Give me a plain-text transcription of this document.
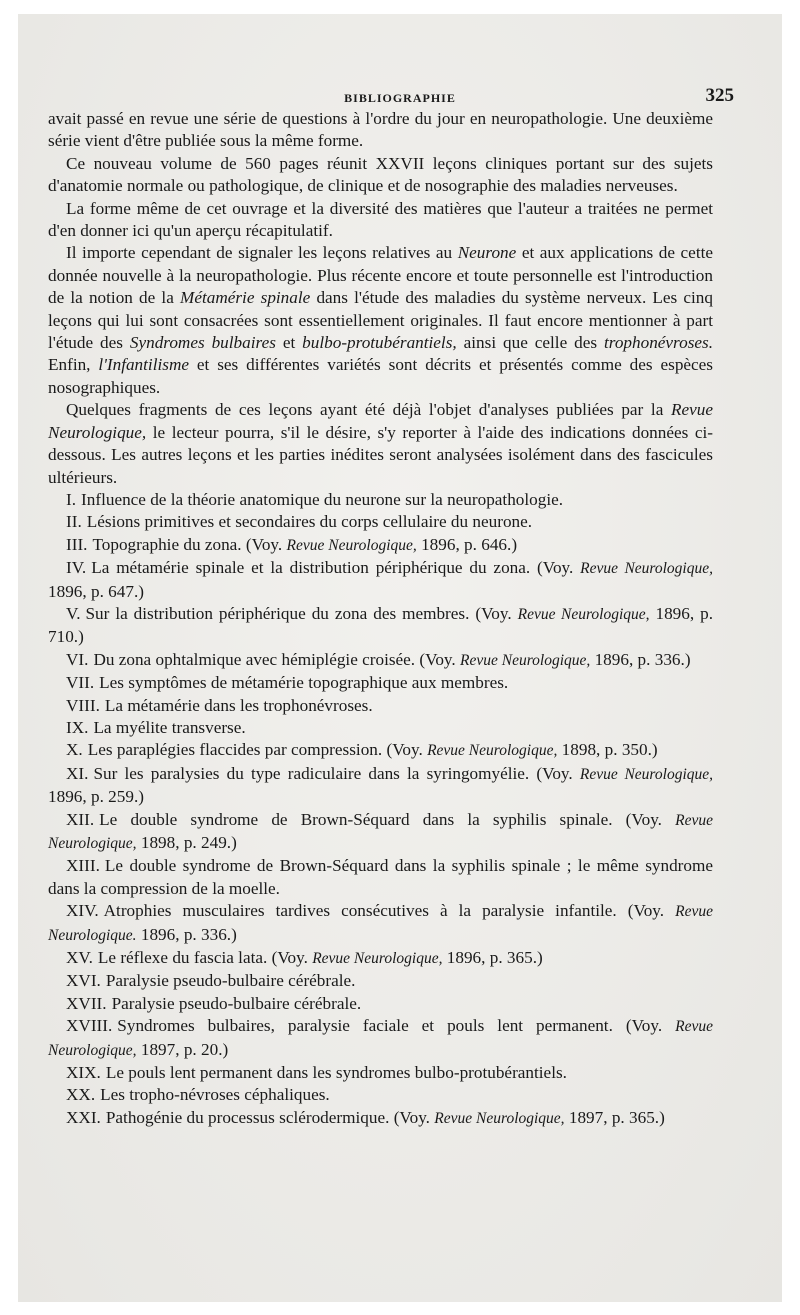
BIBLIOGRAPHIE	325

avait passé en revue une série de questions à l'ordre du jour en neuropathologie. Une deuxième série vient d'être publiée sous la même forme.

Ce nouveau volume de 560 pages réunit XXVII leçons cliniques portant sur des sujets d'anatomie normale ou pathologique, de clinique et de nosographie des maladies nerveuses.

La forme même de cet ouvrage et la diversité des matières que l'auteur a traitées ne permet d'en donner ici qu'un aperçu récapitulatif.

Il importe cependant de signaler les leçons relatives au Neurone et aux applications de cette donnée nouvelle à la neuropathologie. Plus récente encore et toute personnelle est l'introduction de la notion de la Métamérie spinale dans l'étude des maladies du système nerveux. Les cinq leçons qui lui sont consacrées sont essentiellement originales. Il faut encore mentionner à part l'étude des Syndromes bulbaires et bulbo-protubérantiels, ainsi que celle des trophonévroses. Enfin, l'Infantilisme et ses différentes variétés sont décrits et présentés comme des espèces nosographiques.

Quelques fragments de ces leçons ayant été déjà l'objet d'analyses publiées par la Revue Neurologique, le lecteur pourra, s'il le désire, s'y reporter à l'aide des indications données ci-dessous. Les autres leçons et les parties inédites seront analysées isolément dans des fascicules ultérieurs.

I. Influence de la théorie anatomique du neurone sur la neuropathologie.
II. Lésions primitives et secondaires du corps cellulaire du neurone.
III. Topographie du zona. (Voy. Revue Neurologique, 1896, p. 646.)
IV. La métamérie spinale et la distribution périphérique du zona. (Voy. Revue Neurologique, 1896, p. 647.)
V. Sur la distribution périphérique du zona des membres. (Voy. Revue Neurologique, 1896, p. 710.)
VI. Du zona ophtalmique avec hémiplégie croisée. (Voy. Revue Neurologique, 1896, p. 336.)
VII. Les symptômes de métamérie topographique aux membres.
VIII. La métamérie dans les trophonévroses.
IX. La myélite transverse.
X. Les paraplégies flaccides par compression. (Voy. Revue Neurologique, 1898, p. 350.)
XI. Sur les paralysies du type radiculaire dans la syringomyélie. (Voy. Revue Neurologique, 1896, p. 259.)
XII. Le double syndrome de Brown-Séquard dans la syphilis spinale. (Voy. Revue Neurologique, 1898, p. 249.)
XIII. Le double syndrome de Brown-Séquard dans la syphilis spinale ; le même syndrome dans la compression de la moelle.
XIV. Atrophies musculaires tardives consécutives à la paralysie infantile. (Voy. Revue Neurologique. 1896, p. 336.)
XV. Le réflexe du fascia lata. (Voy. Revue Neurologique, 1896, p. 365.)
XVI. Paralysie pseudo-bulbaire cérébrale.
XVII. Paralysie pseudo-bulbaire cérébrale.
XVIII. Syndromes bulbaires, paralysie faciale et pouls lent permanent. (Voy. Revue Neurologique, 1897, p. 20.)
XIX. Le pouls lent permanent dans les syndromes bulbo-protubérantiels.
XX. Les tropho-névroses céphaliques.
XXI. Pathogénie du processus sclérodermique. (Voy. Revue Neurologique, 1897, p. 365.)
